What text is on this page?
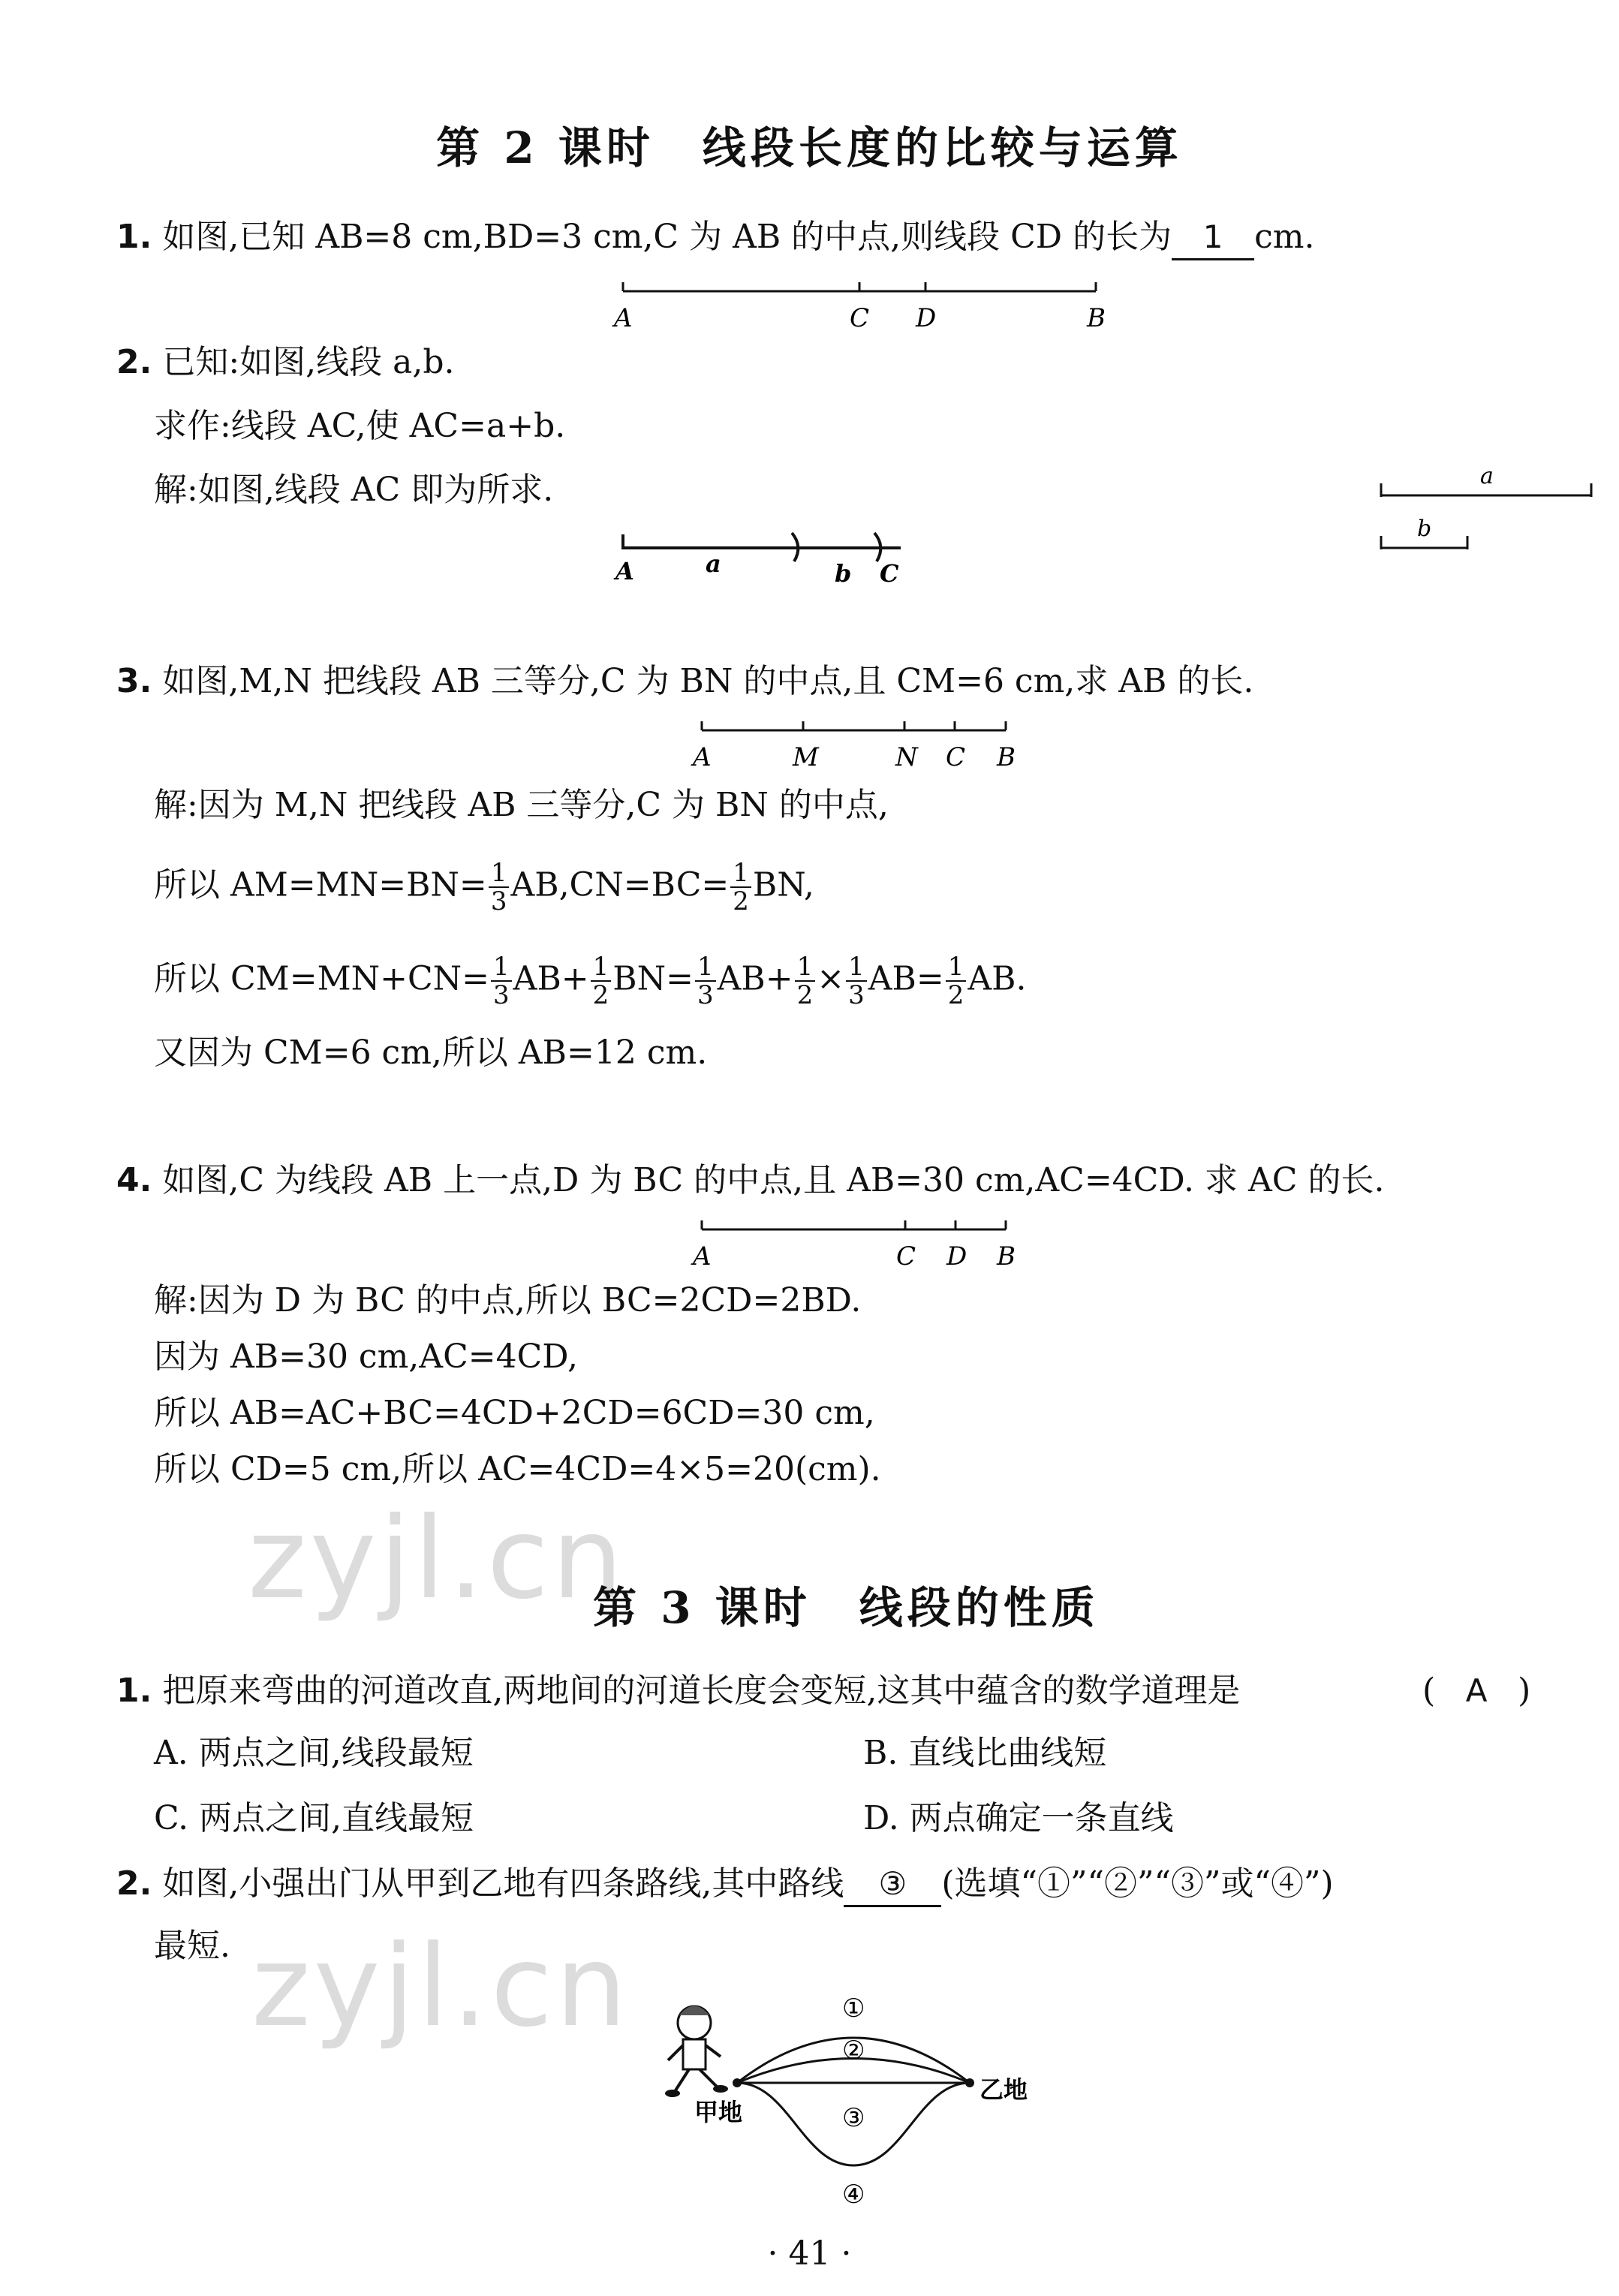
zyjl.cn
zyjl.cn
第 2 课时　线段长度的比较与运算
1. 如图,已知 AB=8 cm,BD=3 cm,C 为 AB 的中点,则线段 CD 的长为 1 cm.
A	C D	B
2. 已知:如图,线段 a,b.
求作:线段 AC,使 AC=a+b.
解:如图,线段 AC 即为所求.
A	a	b C
a
b
3. 如图,M,N 把线段 AB 三等分,C 为 BN 的中点,且 CM=6 cm,求 AB 的长.
A	M	N C B
解:因为 M,N 把线段 AB 三等分,C 为 BN 的中点,
所以 $AM=MN=BN= \frac{1}{3} AB,CN=BC= \frac{1}{2}$ BN,
所以 $CM=MN+CN= \frac{1}{3} AB+ \frac{1}{2} BN= \frac{1}{3} AB+ \frac{1}{2} \times \frac{1}{3} AB= \frac{1}{2}$ AB.
又因为 CM=6 cm,所以 AB=12 cm.
4. 如图,C 为线段 AB 上一点,D 为 BC 的中点,且 AB=30 cm,AC=4CD. 求 AC 的长.
A	C D B
解:因为 D 为 BC 的中点,所以 BC=2CD=2BD.
因为 AB=30 cm,AC=4CD,
所以 AB=AC+BC=4CD+2CD=6CD=30 cm,
所以 CD=5 cm,所以 AC=4CD=4×5=20(cm).
第 3 课时　线段的性质
1. 把原来弯曲的河道改直,两地间的河道长度会变短,这其中蕴含的数学道理是	( A )
A. 两点之间,线段最短	B. 直线比曲线短
C. 两点之间,直线最短	D. 两点确定一条直线
2. 如图,小强出门从甲到乙地有四条路线,其中路线 ③ (选填“①”“②”“③”或“④”)
最短.
①
②
③
④
甲地
乙地
· 41 ·
